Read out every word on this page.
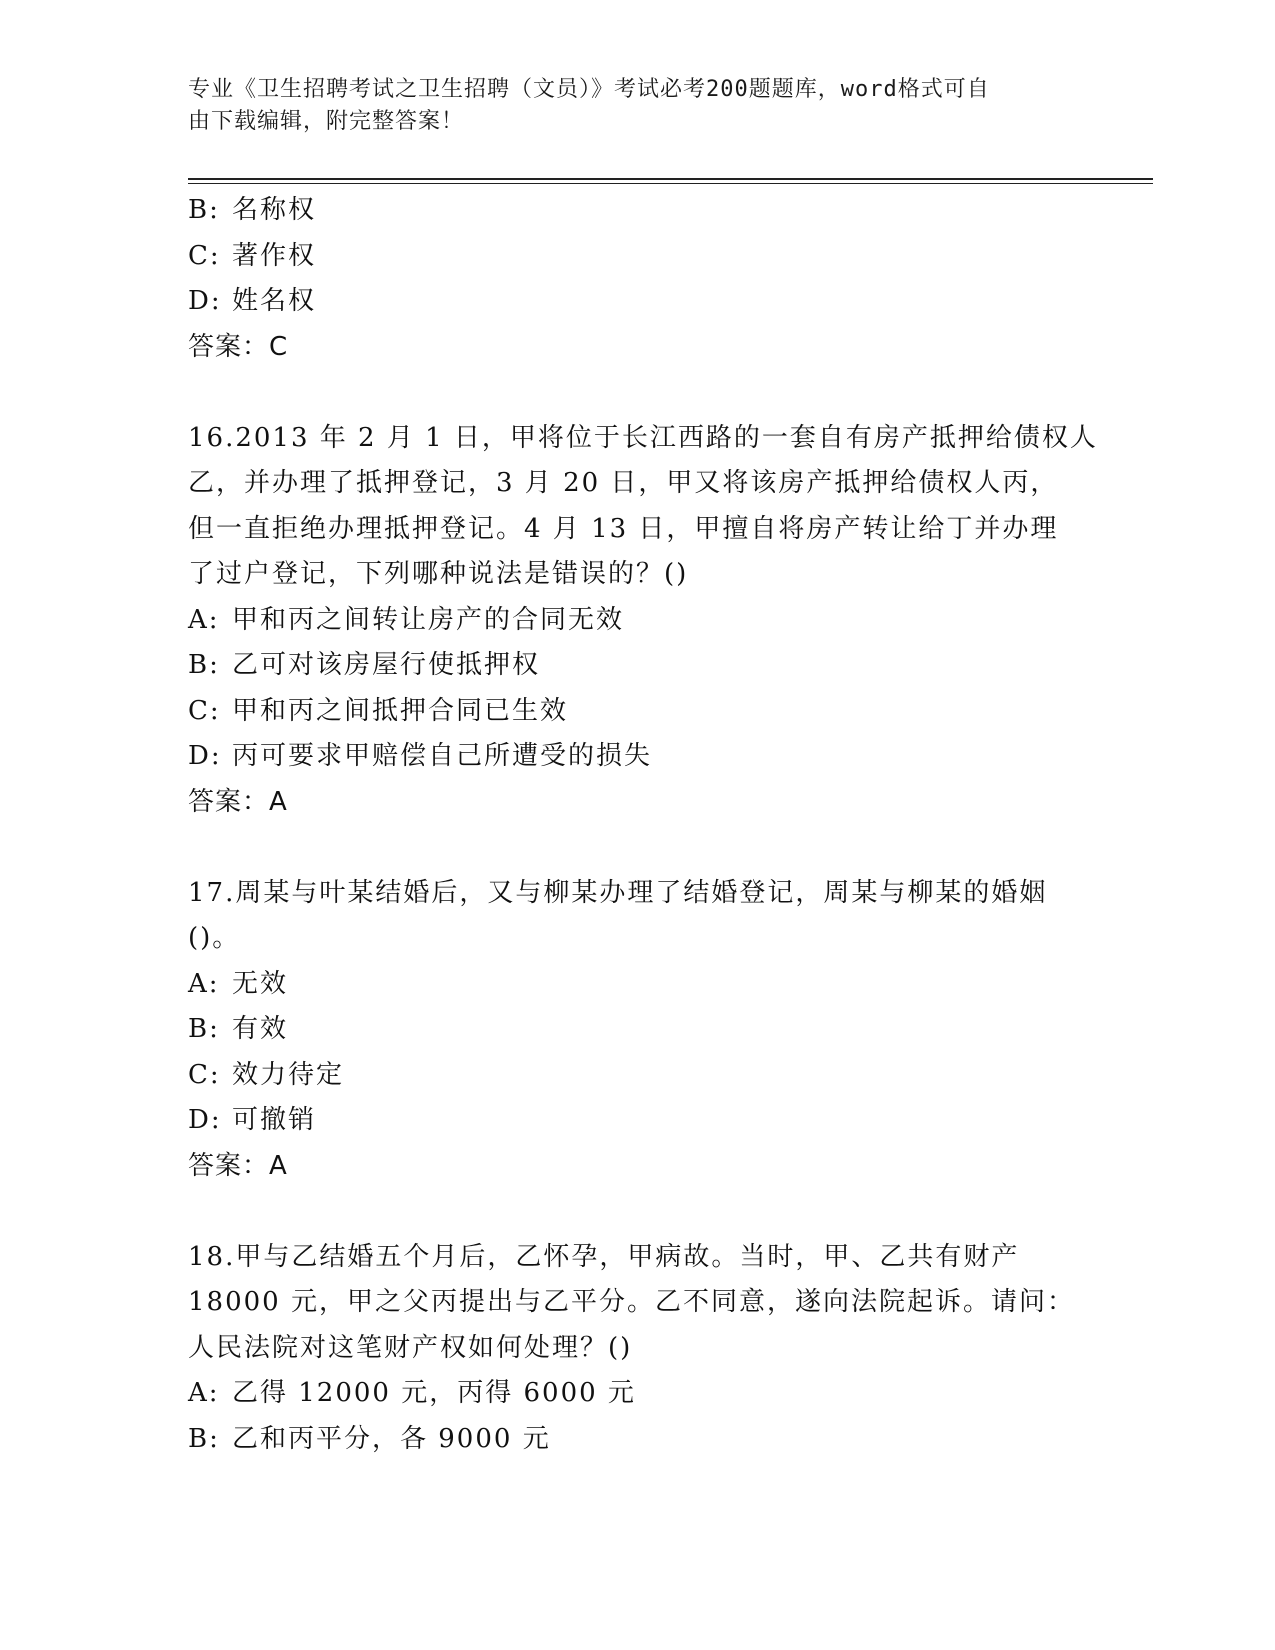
专业《卫生招聘考试之卫生招聘（文员）》考试必考200题题库，word格式可自
由下载编辑，附完整答案！
B: 名称权
C: 著作权
D: 姓名权
答案：C
16.2013 年 2 月 1 日，甲将位于长江西路的一套自有房产抵押给债权人
乙，并办理了抵押登记，3 月 20 日，甲又将该房产抵押给债权人丙，
但一直拒绝办理抵押登记。4 月 13 日，甲擅自将房产转让给丁并办理
了过户登记，下列哪种说法是错误的？()
A: 甲和丙之间转让房产的合同无效
B: 乙可对该房屋行使抵押权
C: 甲和丙之间抵押合同已生效
D: 丙可要求甲赔偿自己所遭受的损失
答案：A
17.周某与叶某结婚后，又与柳某办理了结婚登记，周某与柳某的婚姻
()。
A: 无效
B: 有效
C: 效力待定
D: 可撤销
答案：A
18.甲与乙结婚五个月后，乙怀孕，甲病故。当时，甲、乙共有财产
18000 元，甲之父丙提出与乙平分。乙不同意，遂向法院起诉。请问：
人民法院对这笔财产权如何处理？()
A: 乙得 12000 元，丙得 6000 元
B: 乙和丙平分，各 9000 元
